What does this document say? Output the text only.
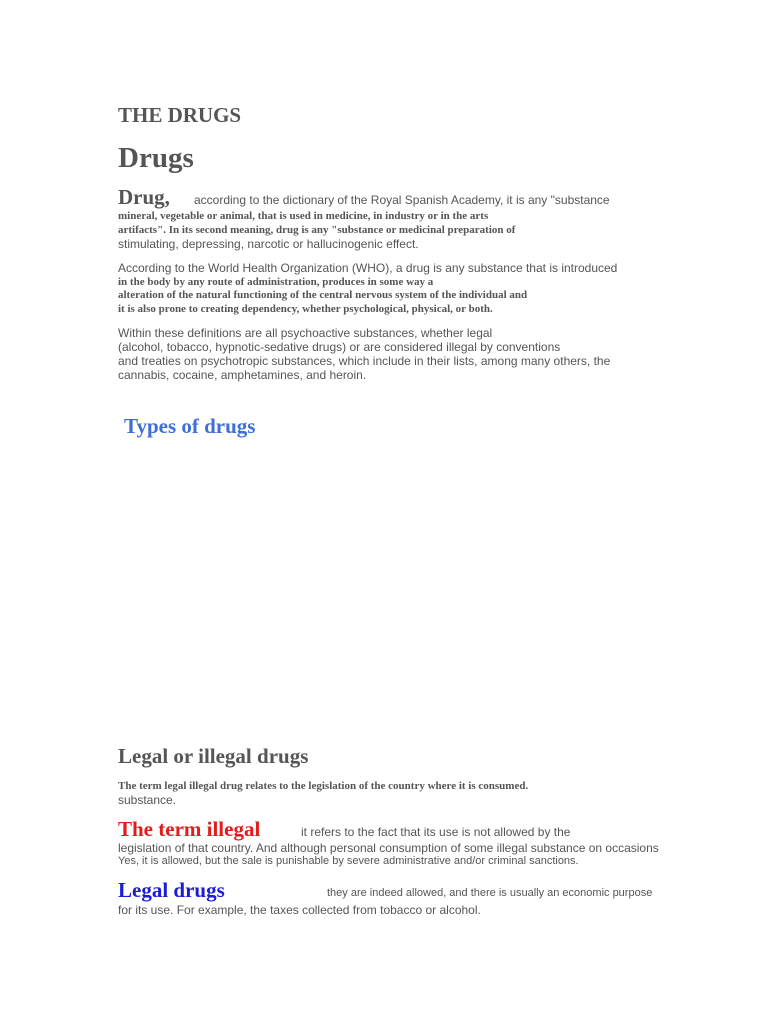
THE DRUGS
Drugs
Drug, according to the dictionary of the Royal Spanish Academy, it is any "substance
mineral, vegetable or animal, that is used in medicine, in industry or in the arts
artifacts". In its second meaning, drug is any "substance or medicinal preparation of
stimulating, depressing, narcotic or hallucinogenic effect.
According to the World Health Organization (WHO), a drug is any substance that is introduced
in the body by any route of administration, produces in some way a
alteration of the natural functioning of the central nervous system of the individual and
it is also prone to creating dependency, whether psychological, physical, or both.
Within these definitions are all psychoactive substances, whether legal
(alcohol, tobacco, hypnotic-sedative drugs) or are considered illegal by conventions
and treaties on psychotropic substances, which include in their lists, among many others, the
cannabis, cocaine, amphetamines, and heroin.
Types of drugs
Legal or illegal drugs
The term legal illegal drug relates to the legislation of the country where it is consumed.
substance.
The term illegal	it refers to the fact that its use is not allowed by the
legislation of that country. And although personal consumption of some illegal substance on occasions
Yes, it is allowed, but the sale is punishable by severe administrative and/or criminal sanctions.
Legal drugs	they are indeed allowed, and there is usually an economic purpose
for its use. For example, the taxes collected from tobacco or alcohol.
